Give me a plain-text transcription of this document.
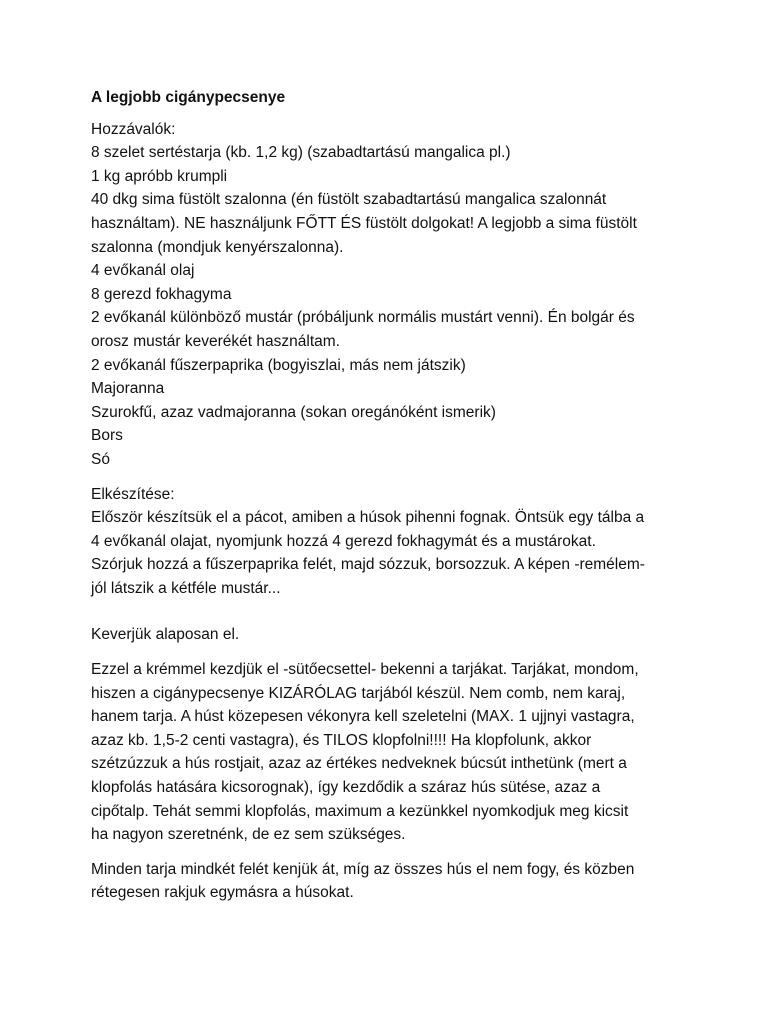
A legjobb cigánypecsenye
Hozzávalók:
8 szelet sertéstarja (kb. 1,2 kg) (szabadtartású mangalica pl.)
1 kg apróbb krumpli
40 dkg sima füstölt szalonna (én füstölt szabadtartású mangalica szalonnát
használtam). NE használjunk FŐTT ÉS füstölt dolgokat! A legjobb a sima füstölt
szalonna (mondjuk kenyérszalonna).
4 evőkanál olaj
8 gerezd fokhagyma
2 evőkanál különböző mustár (próbáljunk normális mustárt venni). Én bolgár és
orosz mustár keverékét használtam.
2 evőkanál fűszerpaprika (bogyiszlai, más nem játszik)
Majoranna
Szurokfű, azaz vadmajoranna (sokan oregánóként ismerik)
Bors
Só
Elkészítése:
Először készítsük el a pácot, amiben a húsok pihenni fognak. Öntsük egy tálba a
4 evőkanál olajat, nyomjunk hozzá 4 gerezd fokhagymát és a mustárokat.
Szórjuk hozzá a fűszerpaprika felét, majd sózzuk, borsozzuk. A képen -remélem-
jól látszik a kétféle mustár...
Keverjük alaposan el.
Ezzel a krémmel kezdjük el -sütőecsettel- bekenni a tarjákat. Tarjákat, mondom,
hiszen a cigánypecsenye KIZÁRÓLAG tarjából készül. Nem comb, nem karaj,
hanem tarja. A húst közepesen vékonyra kell szeletelni (MAX. 1 ujjnyi vastagra,
azaz kb. 1,5-2 centi vastagra), és TILOS klopfolni!!!! Ha klopfolunk, akkor
szétzúzzuk a hús rostjait, azaz az értékes nedveknek búcsút inthetünk (mert a
klopfolás hatására kicsorognak), így kezdődik a száraz hús sütése, azaz a
cipőtalp. Tehát semmi klopfolás, maximum a kezünkkel nyomkodjuk meg kicsit
ha nagyon szeretnénk, de ez sem szükséges.
Minden tarja mindkét felét kenjük át, míg az összes hús el nem fogy, és közben
rétegesen rakjuk egymásra a húsokat.
